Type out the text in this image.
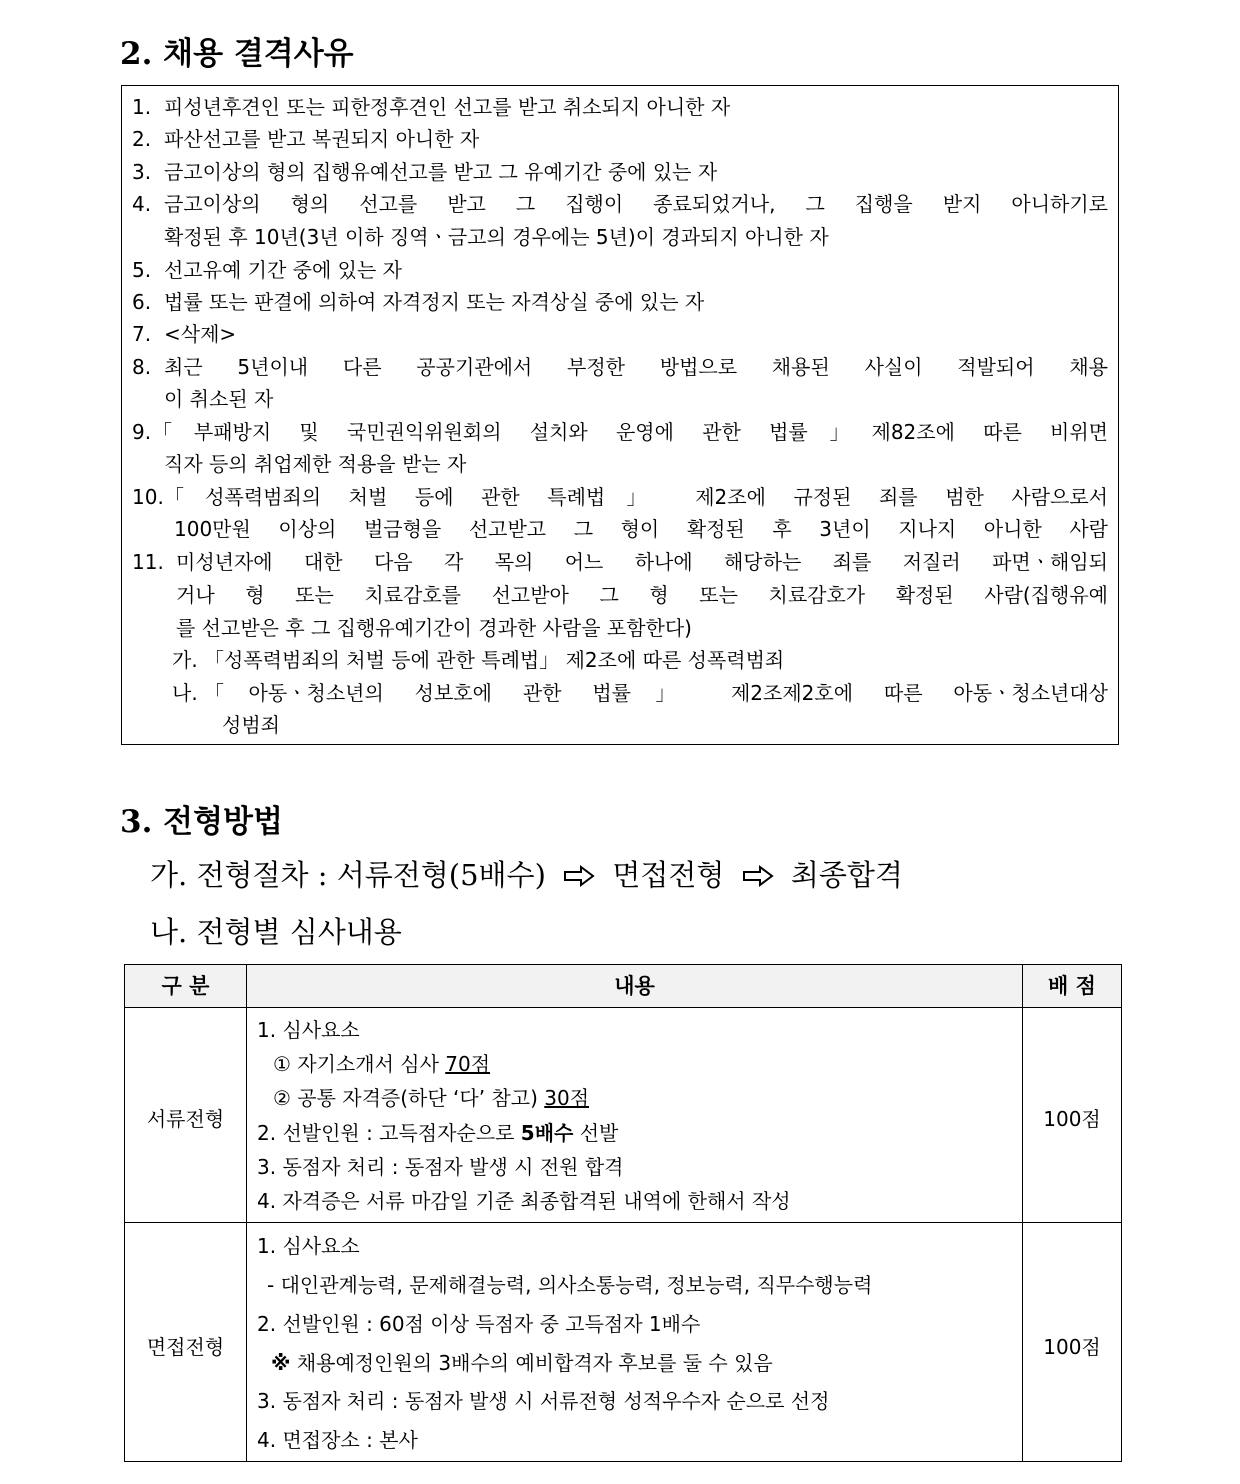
2. 채용 결격사유
1. 피성년후견인 또는 피한정후견인 선고를 받고 취소되지 아니한 자
2. 파산선고를 받고 복권되지 아니한 자
3. 금고이상의 형의 집행유예선고를 받고 그 유예기간 중에 있는 자
4. 금고이상의 형의 선고를 받고 그 집행이 종료되었거나, 그 집행을 받지 아니하기로
확정된 후 10년(3년 이하 징역ㆍ금고의 경우에는 5년)이 경과되지 아니한 자
5. 선고유예 기간 중에 있는 자
6. 법률 또는 판결에 의하여 자격정지 또는 자격상실 중에 있는 자
7. <삭제>
8. 최근 5년이내 다른 공공기관에서 부정한 방법으로 채용된 사실이 적발되어 채용
이 취소된 자
9. 「부패방지 및 국민권익위원회의 설치와 운영에 관한 법률」제82조에 따른 비위면
직자 등의 취업제한 적용을 받는 자
10. 「성폭력범죄의 처벌 등에 관한 특례법」 제2조에 규정된 죄를 범한 사람으로서
100만원 이상의 벌금형을 선고받고 그 형이 확정된 후 3년이 지나지 아니한 사람
11. 미성년자에 대한 다음 각 목의 어느 하나에 해당하는 죄를 저질러 파면ㆍ해임되
거나 형 또는 치료감호를 선고받아 그 형 또는 치료감호가 확정된 사람(집행유예
를 선고받은 후 그 집행유예기간이 경과한 사람을 포함한다)
가. 「성폭력범죄의 처벌 등에 관한 특례법」 제2조에 따른 성폭력범죄
나. 「아동ㆍ청소년의 성보호에 관한 법률」 제2조제2호에 따른 아동ㆍ청소년대상
성범죄
3. 전형방법

가. 전형절차 : 서류전형(5배수) 면접전형 최종합격

나. 전형별 심사내용

구 분	내용	배 점
서류전형
1. 심사요소
① 자기소개서 심사 70점
② 공통 자격증(하단 ‘다’ 참고) 30점
2. 선발인원 : 고득점자순으로 5배수 선발
3. 동점자 처리 : 동점자 발생 시 전원 합격
4. 자격증은 서류 마감일 기준 최종합격된 내역에 한해서 작성
100점
면접전형
1. 심사요소
- 대인관계능력, 문제해결능력, 의사소통능력, 정보능력, 직무수행능력
2. 선발인원 : 60점 이상 득점자 중 고득점자 1배수
※ 채용예정인원의 3배수의 예비합격자 후보를 둘 수 있음
3. 동점자 처리 : 동점자 발생 시 서류전형 성적우수자 순으로 선정
4. 면접장소 : 본사
100점
